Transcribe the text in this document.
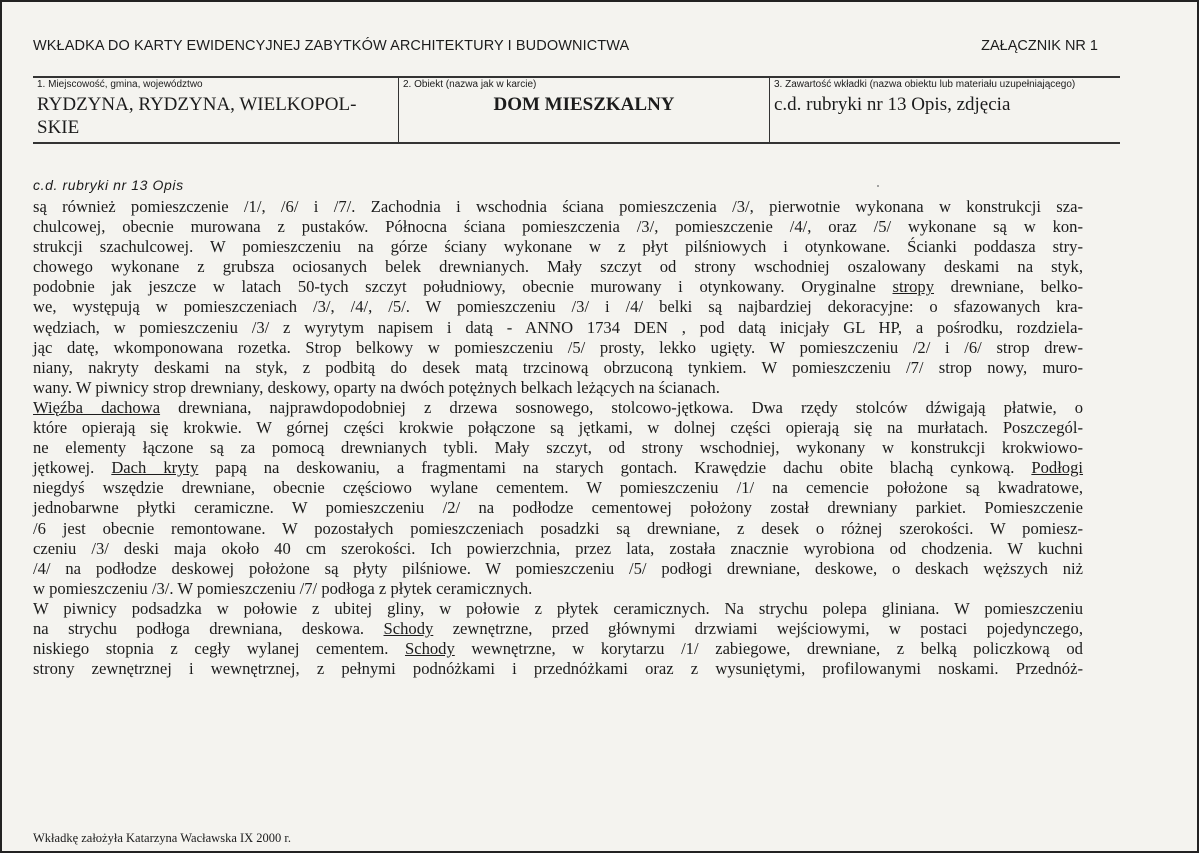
WKŁADKA DO KARTY EWIDENCYJNEJ ZABYTKÓW ARCHITEKTURY I BUDOWNICTWA	ZAŁĄCZNIK NR 1
1. Miejscowość, gmina, województwo
RYDZYNA, RYDZYNA, WIELKOPOL-
SKIE
2. Obiekt (nazwa jak w karcie)
DOM MIESZKALNY
3. Zawartość wkładki (nazwa obiektu lub materiału uzupełniającego)
c.d. rubryki nr 13 Opis, zdjęcia
c.d. rubryki nr 13 Opis
są również pomieszczenie /1/, /6/ i /7/. Zachodnia i wschodnia ściana pomieszczenia /3/, pierwotnie wykonana w konstrukcji sza-
chulcowej, obecnie murowana z pustaków. Północna ściana pomieszczenia /3/, pomieszczenie /4/, oraz /5/ wykonane są w kon-
strukcji szachulcowej. W pomieszczeniu na górze ściany wykonane w z płyt pilśniowych i otynkowane. Ścianki poddasza stry-
chowego wykonane z grubsza ociosanych belek drewnianych. Mały szczyt od strony wschodniej oszalowany deskami na styk,
podobnie jak jeszcze w latach 50-tych szczyt południowy, obecnie murowany i otynkowany. Oryginalne stropy drewniane, belko-
we, występują w pomieszczeniach /3/, /4/, /5/. W pomieszczeniu /3/ i /4/ belki są najbardziej dekoracyjne: o sfazowanych kra-
wędziach, w pomieszczeniu /3/ z wyrytym napisem i datą - ANNO 1734 DEN , pod datą inicjały GL HP, a pośrodku, rozdziela-
jąc datę, wkomponowana rozetka. Strop belkowy w pomieszczeniu /5/ prosty, lekko ugięty. W pomieszczeniu /2/ i /6/ strop drew-
niany, nakryty deskami na styk, z podbitą do desek matą trzcinową obrzuconą tynkiem. W pomieszczeniu /7/ strop nowy, muro-
wany. W piwnicy strop drewniany, deskowy, oparty na dwóch potężnych belkach leżących na ścianach.
Więźba dachowa drewniana, najprawdopodobniej z drzewa sosnowego, stolcowo-jętkowa. Dwa rzędy stolców dźwigają płatwie, o
które opierają się krokwie. W górnej części krokwie połączone są jętkami, w dolnej części opierają się na murłatach. Poszczegól-
ne elementy łączone są za pomocą drewnianych tybli. Mały szczyt, od strony wschodniej, wykonany w konstrukcji krokwiowo-
jętkowej. Dach kryty papą na deskowaniu, a fragmentami na starych gontach. Krawędzie dachu obite blachą cynkową. Podłogi
niegdyś wszędzie drewniane, obecnie częściowo wylane cementem. W pomieszczeniu /1/ na cemencie położone są kwadratowe,
jednobarwne płytki ceramiczne. W pomieszczeniu /2/ na podłodze cementowej położony został drewniany parkiet. Pomieszczenie
/6 jest obecnie remontowane. W pozostałych pomieszczeniach posadzki są drewniane, z desek o różnej szerokości. W pomiesz-
czeniu /3/ deski maja około 40 cm szerokości. Ich powierzchnia, przez lata, została znacznie wyrobiona od chodzenia. W kuchni
/4/ na podłodze deskowej położone są płyty pilśniowe. W pomieszczeniu /5/ podłogi drewniane, deskowe, o deskach węższych niż
w pomieszczeniu /3/. W pomieszczeniu /7/ podłoga z płytek ceramicznych.
W piwnicy podsadzka w połowie z ubitej gliny, w połowie z płytek ceramicznych. Na strychu polepa gliniana. W pomieszczeniu
na strychu podłoga drewniana, deskowa. Schody zewnętrzne, przed głównymi drzwiami wejściowymi, w postaci pojedynczego,
niskiego stopnia z cegły wylanej cementem. Schody wewnętrzne, w korytarzu /1/ zabiegowe, drewniane, z belką policzkową od
strony zewnętrznej i wewnętrznej, z pełnymi podnóżkami i przednóżkami oraz z wysuniętymi, profilowanymi noskami. Przednóż-
Wkładkę założyła Katarzyna Wacławska IX 2000 r.
